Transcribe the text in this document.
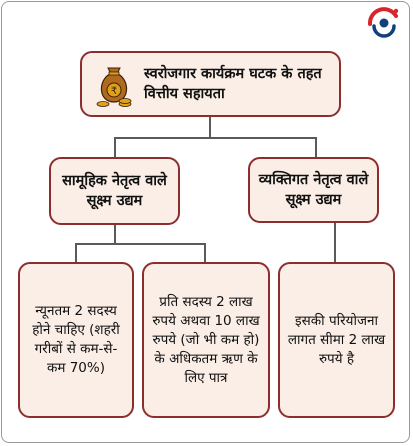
₹
स्वरोजगार कार्यक्रम घटक के तहत वित्तीय सहायता
सामूहिक नेतृत्व वाले सूक्ष्म उद्यम
व्यक्तिगत नेतृत्व वाले सूक्ष्म उद्यम
न्यूनतम 2 सदस्य होने चाहिए (शहरी गरीबों से कम-से-कम 70%)
प्रति सदस्य 2 लाख रुपये अथवा 10 लाख रुपये (जो भी कम हो) के अधिकतम ऋण के लिए पात्र
इसकी परियोजना लागत सीमा 2 लाख रुपये है
